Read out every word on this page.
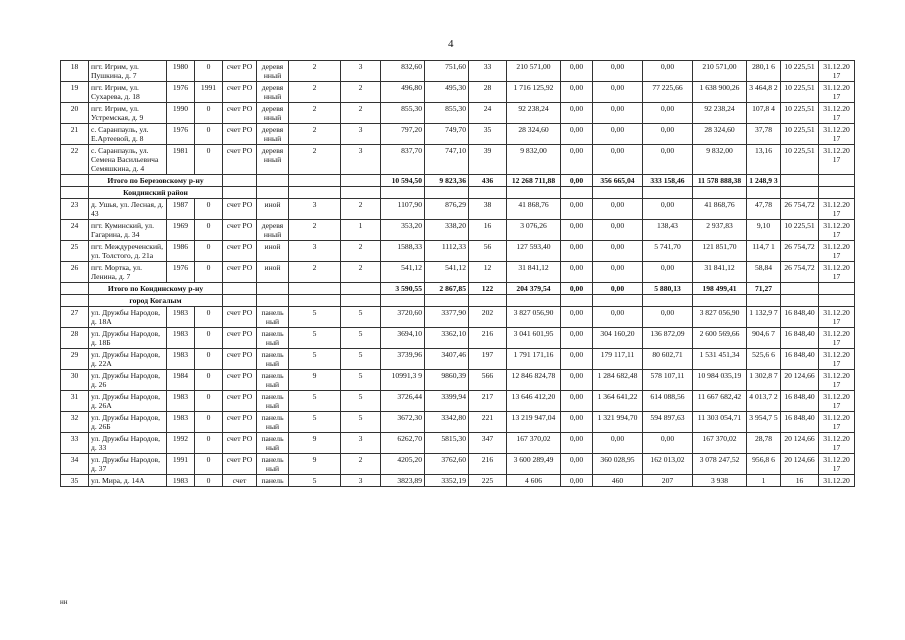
4
18	пгт. Игрим, ул. Пушкина, д. 7	1980	0	счет РО	деревя нный	2	3	832,60	751,60	33	210 571,00	0,00	0,00	0,00	210 571,00	280,1 6	10 225,51	31.12.20 17
19	пгт. Игрим, ул. Сухарева, д. 18	1976	1991	счет РО	деревя нный	2	2	496,80	495,30	28	1 716 125,92	0,00	0,00	77 225,66	1 638 900,26	3 464,8 2	10 225,51	31.12.20 17
20	пгт. Игрим, ул. Устремская, д. 9	1990	0	счет РО	деревя нный	2	2	855,30	855,30	24	92 238,24	0,00	0,00	0,00	92 238,24	107,8 4	10 225,51	31.12.20 17
21	с. Саранпауль, ул. Е.Артеевой, д. 8	1976	0	счет РО	деревя нный	2	3	797,20	749,70	35	28 324,60	0,00	0,00	0,00	28 324,60	37,78	10 225,51	31.12.20 17
22	с. Саранпауль, ул. Семена Васильевича Семяшкина, д. 4	1981	0	счет РО	деревя нный	2	3	837,70	747,10	39	9 832,00	0,00	0,00	0,00	9 832,00	13,16	10 225,51	31.12.20 17
	Итого по Березовскому р-ну							10 594,50	9 823,36	436	12 268 711,88	0,00	356 665,04	333 158,46	11 578 888,38	1 248,9 3		
	Кондинский район																	
23	д. Ушья, ул. Лесная, д. 43	1987	0	счет РО	иной	3	2	1107,90	876,29	38	41 868,76	0,00	0,00	0,00	41 868,76	47,78	26 754,72	31.12.20 17
24	пгт. Куминский, ул. Гагарина, д. 34	1969	0	счет РО	деревя нный	2	1	353,20	338,20	16	3 076,26	0,00	0,00	138,43	2 937,83	9,10	10 225,51	31.12.20 17
25	пгт. Междуреченский, ул. Толстого, д. 21а	1986	0	счет РО	иной	3	2	1588,33	1112,33	56	127 593,40	0,00	0,00	5 741,70	121 851,70	114,7 1	26 754,72	31.12.20 17
26	пгт. Мортка, ул. Ленина, д. 7	1976	0	счет РО	иной	2	2	541,12	541,12	12	31 841,12	0,00	0,00	0,00	31 841,12	58,84	26 754,72	31.12.20 17
	Итого по Кондинскому р-ну							3 590,55	2 867,85	122	204 379,54	0,00	0,00	5 880,13	198 499,41	71,27		
	город Когалым																	
27	ул. Дружбы Народов, д. 18А	1983	0	счет РО	панель ный	5	5	3720,60	3377,90	202	3 827 056,90	0,00	0,00	0,00	3 827 056,90	1 132,9 7	16 848,40	31.12.20 17
28	ул. Дружбы Народов, д. 18Б	1983	0	счет РО	панель ный	5	5	3694,10	3362,10	216	3 041 601,95	0,00	304 160,20	136 872,09	2 600 569,66	904,6 7	16 848,40	31.12.20 17
29	ул. Дружбы Народов, д. 22А	1983	0	счет РО	панель ный	5	5	3739,96	3407,46	197	1 791 171,16	0,00	179 117,11	80 602,71	1 531 451,34	525,6 6	16 848,40	31.12.20 17
30	ул. Дружбы Народов, д. 26	1984	0	счет РО	панель ный	9	5	10991,3 9	9860,39	566	12 846 824,78	0,00	1 284 682,48	578 107,11	10 984 035,19	1 302,8 7	20 124,66	31.12.20 17
31	ул. Дружбы Народов, д. 26А	1983	0	счет РО	панель ный	5	5	3726,44	3399,94	217	13 646 412,20	0,00	1 364 641,22	614 088,56	11 667 682,42	4 013,7 2	16 848,40	31.12.20 17
32	ул. Дружбы Народов, д. 26Б	1983	0	счет РО	панель ный	5	5	3672,30	3342,80	221	13 219 947,04	0,00	1 321 994,70	594 897,63	11 303 054,71	3 954,7 5	16 848,40	31.12.20 17
33	ул. Дружбы Народов, д. 33	1992	0	счет РО	панель ный	9	3	6262,70	5815,30	347	167 370,02	0,00	0,00	0,00	167 370,02	28,78	20 124,66	31.12.20 17
34	ул. Дружбы Народов, д. 37	1991	0	счет РО	панель ный	9	2	4205,20	3762,60	216	3 600 289,49	0,00	360 028,95	162 013,02	3 078 247,52	956,8 6	20 124,66	31.12.20 17
35	ул. Мира, д. 14А	1983	0	счет	панель	5	3	3823,89	3352,19	225	4 606	0,00	460	207	3 938	1	16	31.12.20
нн
